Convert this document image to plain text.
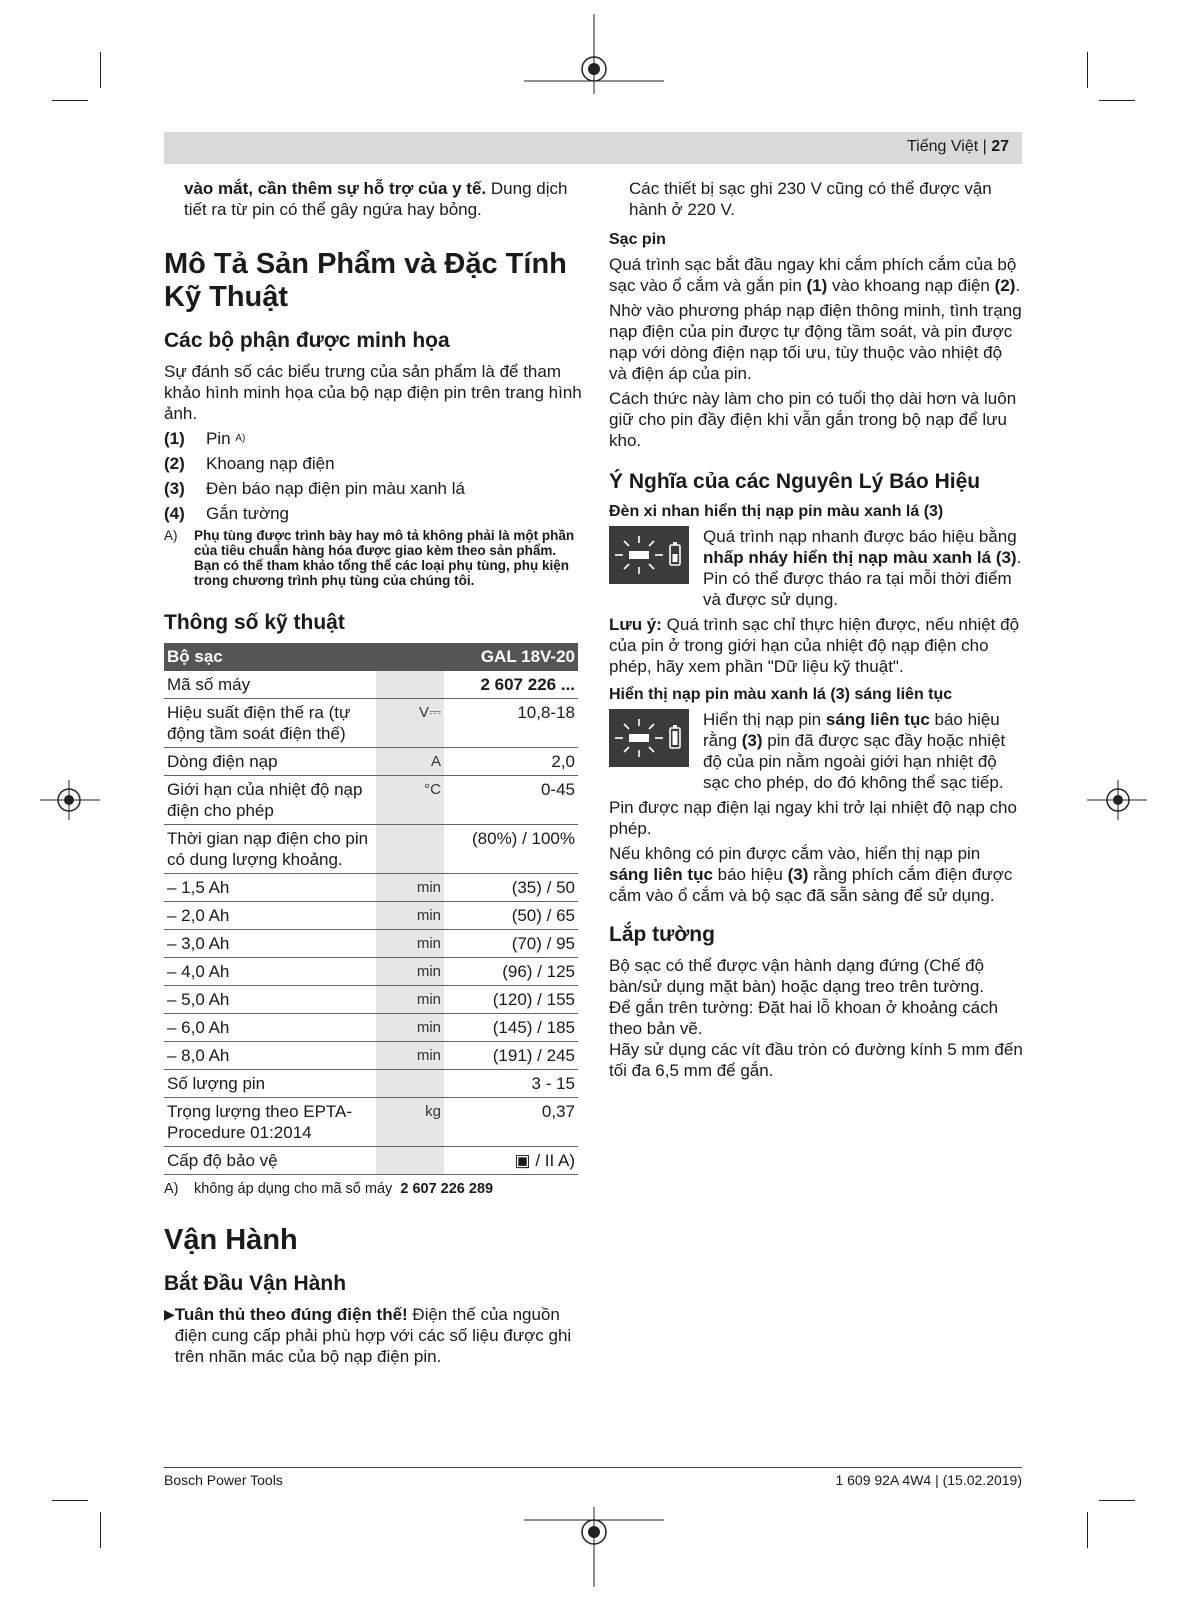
Tiếng Việt | 27

vào mắt, cần thêm sự hỗ trợ của y tế. Dung dịch tiết ra từ pin có thể gây ngứa hay bỏng.

Mô Tả Sản Phẩm và Đặc Tính Kỹ Thuật
Các bộ phận được minh họa

Sự đánh số các biểu trưng của sản phẩm là để tham khảo hình minh họa của bộ nạp điện pin trên trang hình ảnh.

(1)	Pin
A)
(2)	Khoang nạp điện
(3)	Đèn báo nạp điện pin màu xanh lá
(4)	Gắn tường
A)	Phụ tùng được trình bày hay mô tả không phải là một phần của tiêu chuẩn hàng hóa được giao kèm theo sản phẩm. Bạn có thể tham khảo tổng thể các loại phụ tùng, phụ kiện trong chương trình phụ tùng của chúng tôi.
Thông số kỹ thuật
Bộ sạc		GAL 18V-20
Mã số máy		2 607 226 ...
Hiệu suất điện thế ra (tự động tầm soát điện thế)	V⎓	10,8-18
Dòng điện nạp	A	2,0
Giới hạn của nhiệt độ nạp điện cho phép	°C	0-45
Thời gian nạp điện cho pin có dung lượng khoảng.		(80%) / 100%
– 1,5 Ah	min	(35) / 50
– 2,0 Ah	min	(50) / 65
– 3,0 Ah	min	(70) / 95
– 4,0 Ah	min	(96) / 125
– 5,0 Ah	min	(120) / 155
– 6,0 Ah	min	(145) / 185
– 8,0 Ah	min	(191) / 245
Số lượng pin		3 - 15
Trọng lượng theo EPTA-Procedure 01:2014	kg	0,37
Cấp độ bảo vệ		▣ / II A)
A)	không áp dụng cho mã số máy
2 607 226 289
Vận Hành
Bắt Đầu Vận Hành
▶ Tuân thủ theo đúng điện thế! Điện thế của nguồn điện cung cấp phải phù hợp với các số liệu được ghi trên nhãn mác của bộ nạp điện pin.

Các thiết bị sạc ghi 230 V cũng có thể được vận hành ở 220 V.

Sạc pin

Quá trình sạc bắt đầu ngay khi cắm phích cắm của bộ sạc vào ổ cắm và gắn pin (1) vào khoang nạp điện (2).

Nhờ vào phương pháp nạp điện thông minh, tình trạng nạp điện của pin được tự động tầm soát, và pin được nạp với dòng điện nạp tối ưu, tùy thuộc vào nhiệt độ và điện áp của pin.

Cách thức này làm cho pin có tuổi thọ dài hơn và luôn giữ cho pin đầy điện khi vẫn gắn trong bộ nạp để lưu kho.

Ý Nghĩa của các Nguyên Lý Báo Hiệu
Đèn xi nhan hiển thị nạp pin màu xanh lá (3)
Quá trình nạp nhanh được báo hiệu bằng nhấp nháy hiển thị nạp màu xanh lá (3). Pin có thể được tháo ra tại mỗi thời điểm và được sử dụng.

Lưu ý: Quá trình sạc chỉ thực hiện được, nếu nhiệt độ của pin ở trong giới hạn của nhiệt độ nạp điện cho phép, hãy xem phần "Dữ liệu kỹ thuật".

Hiển thị nạp pin màu xanh lá (3) sáng liên tục
Hiển thị nạp pin sáng liên tục báo hiệu rằng (3) pin đã được sạc đầy hoặc nhiệt độ của pin nằm ngoài giới hạn nhiệt độ sạc cho phép, do đó không thể sạc tiếp.

Pin được nạp điện lại ngay khi trở lại nhiệt độ nạp cho phép.

Nếu không có pin được cắm vào, hiển thị nạp pin sáng liên tục báo hiệu (3) rằng phích cắm điện được cắm vào ổ cắm và bộ sạc đã sẵn sàng để sử dụng.

Lắp tường

Bộ sạc có thể được vận hành dạng đứng (Chế độ bàn/sử dụng mặt bàn) hoặc dạng treo trên tường.

Để gắn trên tường: Đặt hai lỗ khoan ở khoảng cách theo bản vẽ.

Hãy sử dụng các vít đầu tròn có đường kính 5 mm đến tối đa 6,5 mm để gắn.

Bosch Power Tools	1 609 92A 4W4 | (15.02.2019)
